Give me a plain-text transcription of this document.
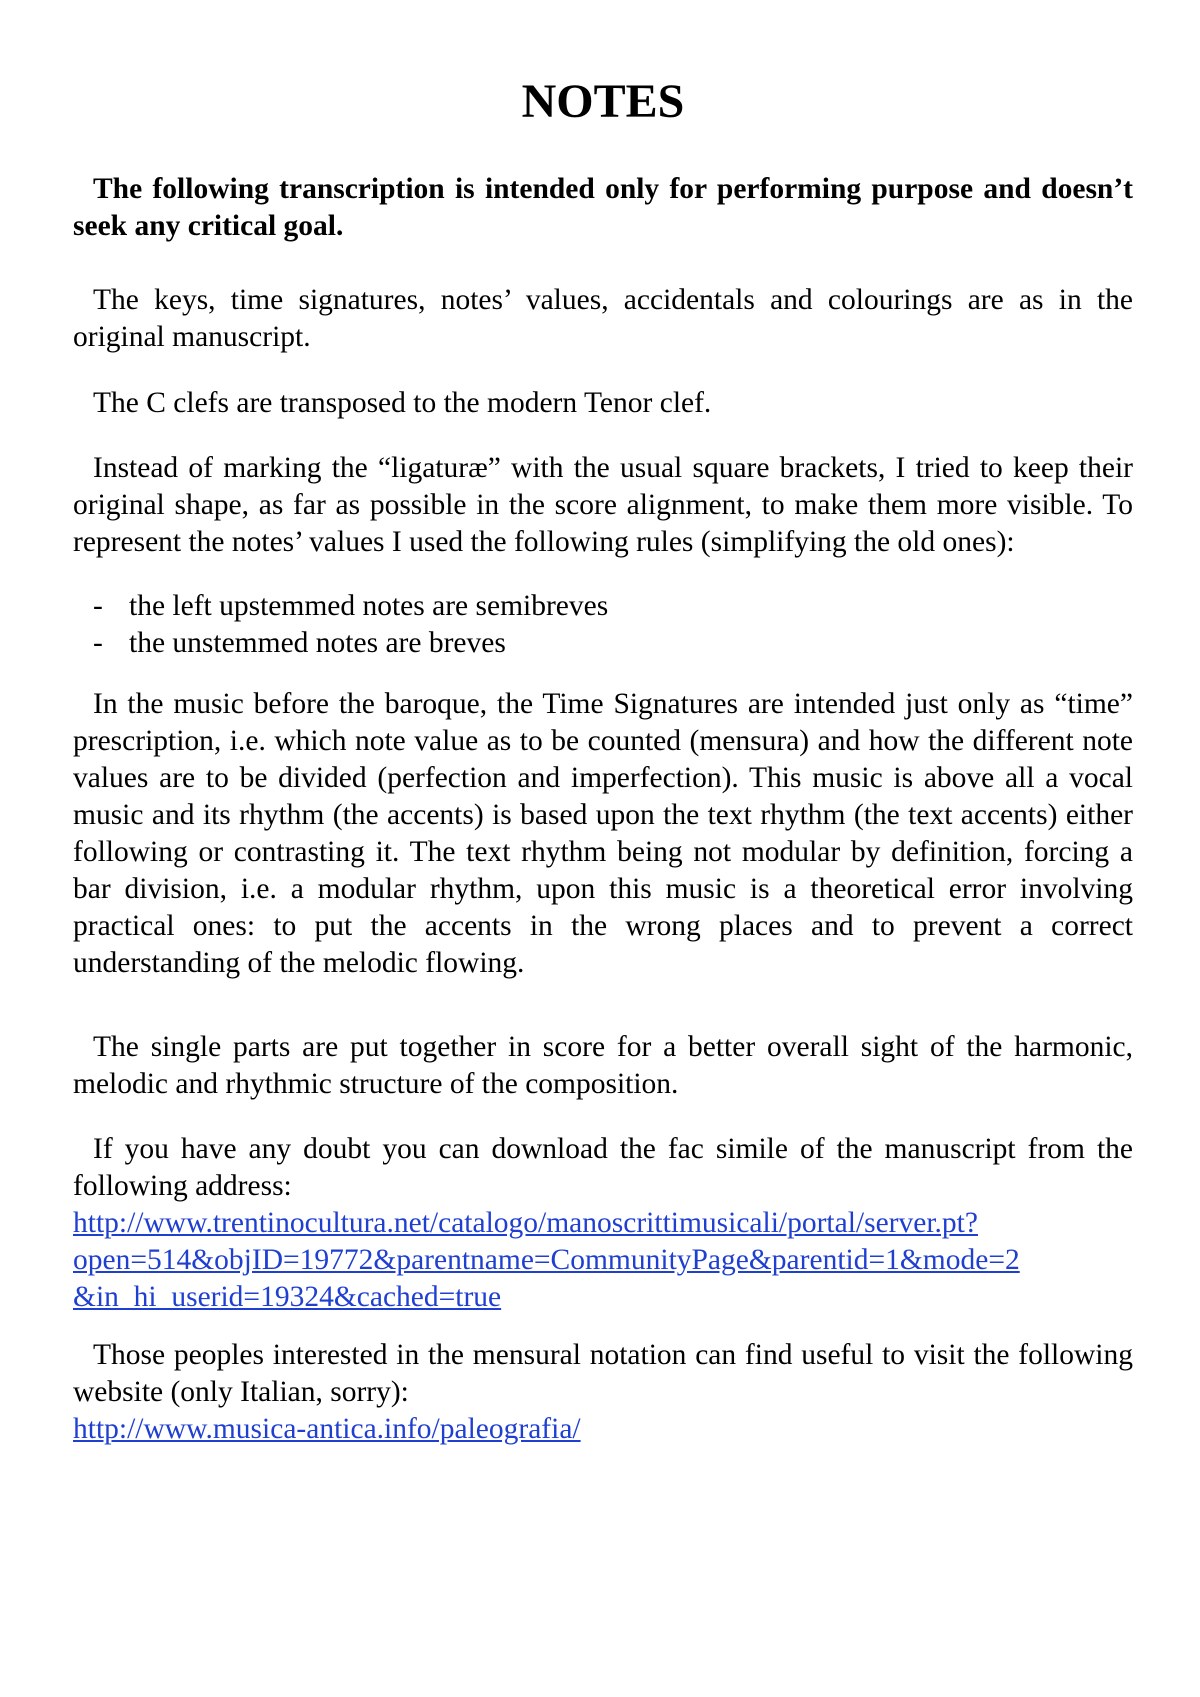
NOTES

The following transcription is intended only for performing purpose and doesn’t seek any critical goal.

The keys, time signatures, notes’ values, accidentals and colourings are as in the original manuscript.

The C clefs are transposed to the modern Tenor clef.

Instead of marking the “ligaturæ” with the usual square brackets, I tried to keep their original shape, as far as possible in the score alignment, to make them more visible. To represent the notes’ values I used the following rules (simplifying the old ones):

- the left upstemmed notes are semibreves
- the unstemmed notes are breves

In the music before the baroque, the Time Signatures are intended just only as “time” prescription, i.e. which note value as to be counted (mensura) and how the different note values are to be divided (perfection and imperfection). This music is above all a vocal music and its rhythm (the accents) is based upon the text rhythm (the text accents) either following or contrasting it. The text rhythm being not modular by definition, forcing a bar division, i.e. a modular rhythm, upon this music is a theoretical error involving practical ones: to put the accents in the wrong places and to prevent a correct understanding of the melodic flowing.

The single parts are put together in score for a better overall sight of the harmonic, melodic and rhythmic structure of the composition.

If you have any doubt you can download the fac simile of the manuscript from the following address:
http://www.trentinocultura.net/catalogo/manoscrittimusicali/portal/server.pt?
open=514&objID=19772&parentname=CommunityPage&parentid=1&mode=2
&in_hi_userid=19324&cached=true
Those peoples interested in the mensural notation can find useful to visit the following website (only Italian, sorry):
http://www.musica-antica.info/paleografia/
